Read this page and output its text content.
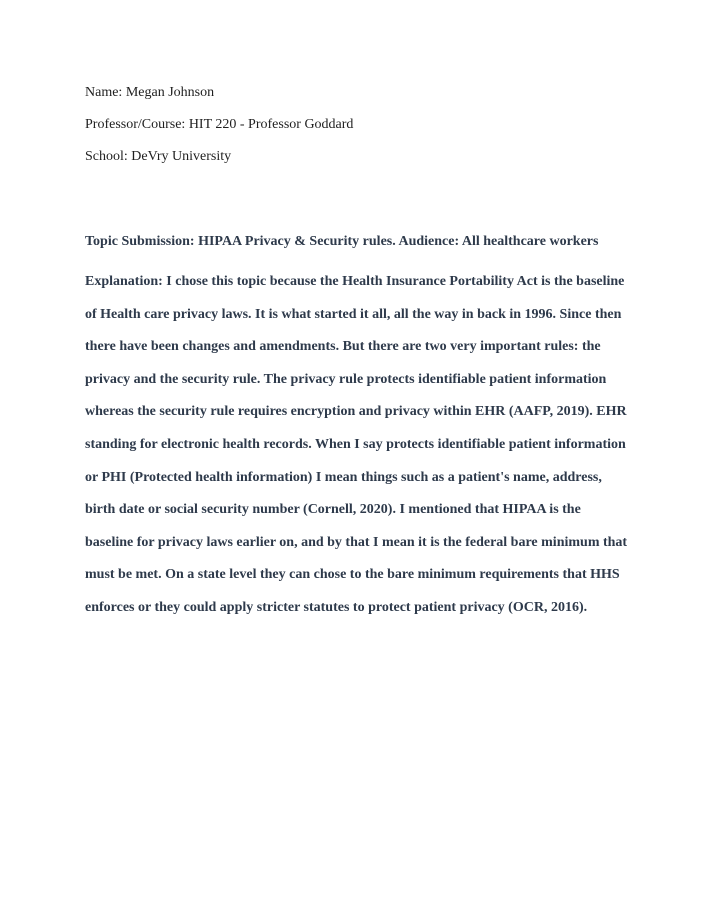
Name: Megan Johnson
Professor/Course: HIT 220 - Professor Goddard
School: DeVry University
Topic Submission: HIPAA Privacy & Security rules. Audience: All healthcare workers
Explanation: I chose this topic because the Health Insurance Portability Act is the baseline
of Health care privacy laws. It is what started it all, all the way in back in 1996. Since then
there have been changes and amendments. But there are two very important rules: the
privacy and the security rule. The privacy rule protects identifiable patient information
whereas the security rule requires encryption and privacy within EHR (AAFP, 2019). EHR
standing for electronic health records. When I say protects identifiable patient information
or PHI (Protected health information) I mean things such as a patient's name, address,
birth date or social security number (Cornell, 2020). I mentioned that HIPAA is the
baseline for privacy laws earlier on, and by that I mean it is the federal bare minimum that
must be met. On a state level they can chose to the bare minimum requirements that HHS
enforces or they could apply stricter statutes to protect patient privacy (OCR, 2016).
